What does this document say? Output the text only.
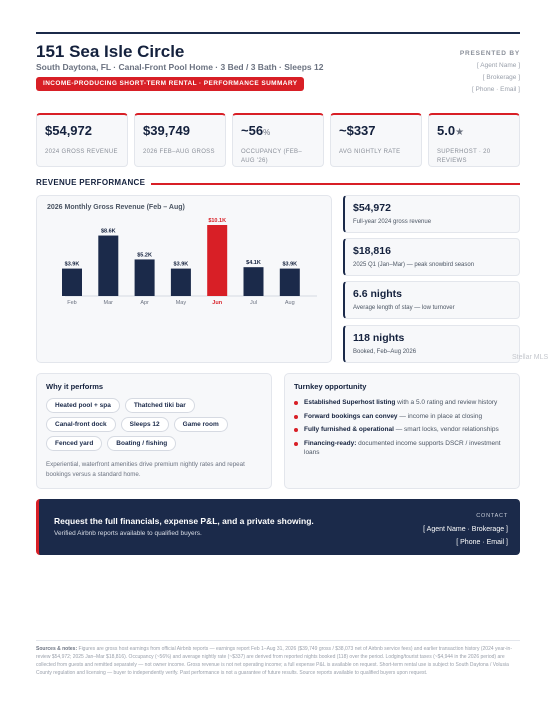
151 Sea Isle Circle
South Daytona, FL · Canal-Front Pool Home · 3 Bed / 3 Bath · Sleeps 12
INCOME-PRODUCING SHORT-TERM RENTAL · PERFORMANCE SUMMARY
PRESENTED BY
[ Agent Name ]
[ Brokerage ]
[ Phone · Email ]
$54,972
2024 GROSS REVENUE
$39,749
2026 FEB–AUG GROSS
~56%
OCCUPANCY (FEB–AUG '26)
~$337
AVG NIGHTLY RATE
5.0★
SUPERHOST · 20 REVIEWS
REVENUE PERFORMANCE
$3.9K
Feb
$8.6K
Mar
$5.2K
Apr
$3.9K
May
$10.1K
Jun
$4.1K
Jul
$3.9K
Aug
2026 Monthly Gross Revenue (Feb – Aug)	$54,972
Full-year 2024 gross revenue
$18,816
2025 Q1 (Jan–Mar) — peak snowbird season
6.6 nights
Average length of stay — low turnover
118 nights
Booked, Feb–Aug 2026
Why it performs
Heated pool + spa	Thatched tiki bar
Canal-front dock	Sleeps 12	Game room
Fenced yard	Boating / fishing
Experiential, waterfront amenities drive premium nightly rates and repeat bookings versus a standard home.
Turnkey opportunity
Established Superhost listing with a 5.0 rating and review history
Forward bookings can convey — income in place at closing
Fully furnished & operational — smart locks, vendor relationships
Financing-ready: documented income supports DSCR / investment loans
Request the full financials, expense P&L, and a private showing.
Verified Airbnb reports available to qualified buyers.
CONTACT
[ Agent Name · Brokerage ]
[ Phone · Email ]
Sources & notes: Figures are gross host earnings from official Airbnb reports — earnings report Feb 1–Aug 31, 2026 ($39,749 gross / $38,073 net of Airbnb service fees) and earlier transaction history (2024 year-in-review $54,972; 2025 Jan–Mar $18,816). Occupancy (~56%) and average nightly rate (~$337) are derived from reported nights booked (118) over the period. Lodging/tourist taxes (~$4,944 in the 2026 period) are collected from guests and remitted separately — not owner income. Gross revenue is not net operating income; a full expense P&L is available on request. Short-term rental use is subject to South Daytona / Volusia County regulation and licensing — buyer to independently verify. Past performance is not a guarantee of future results. Source reports available to qualified buyers upon request.
Stellar MLS
